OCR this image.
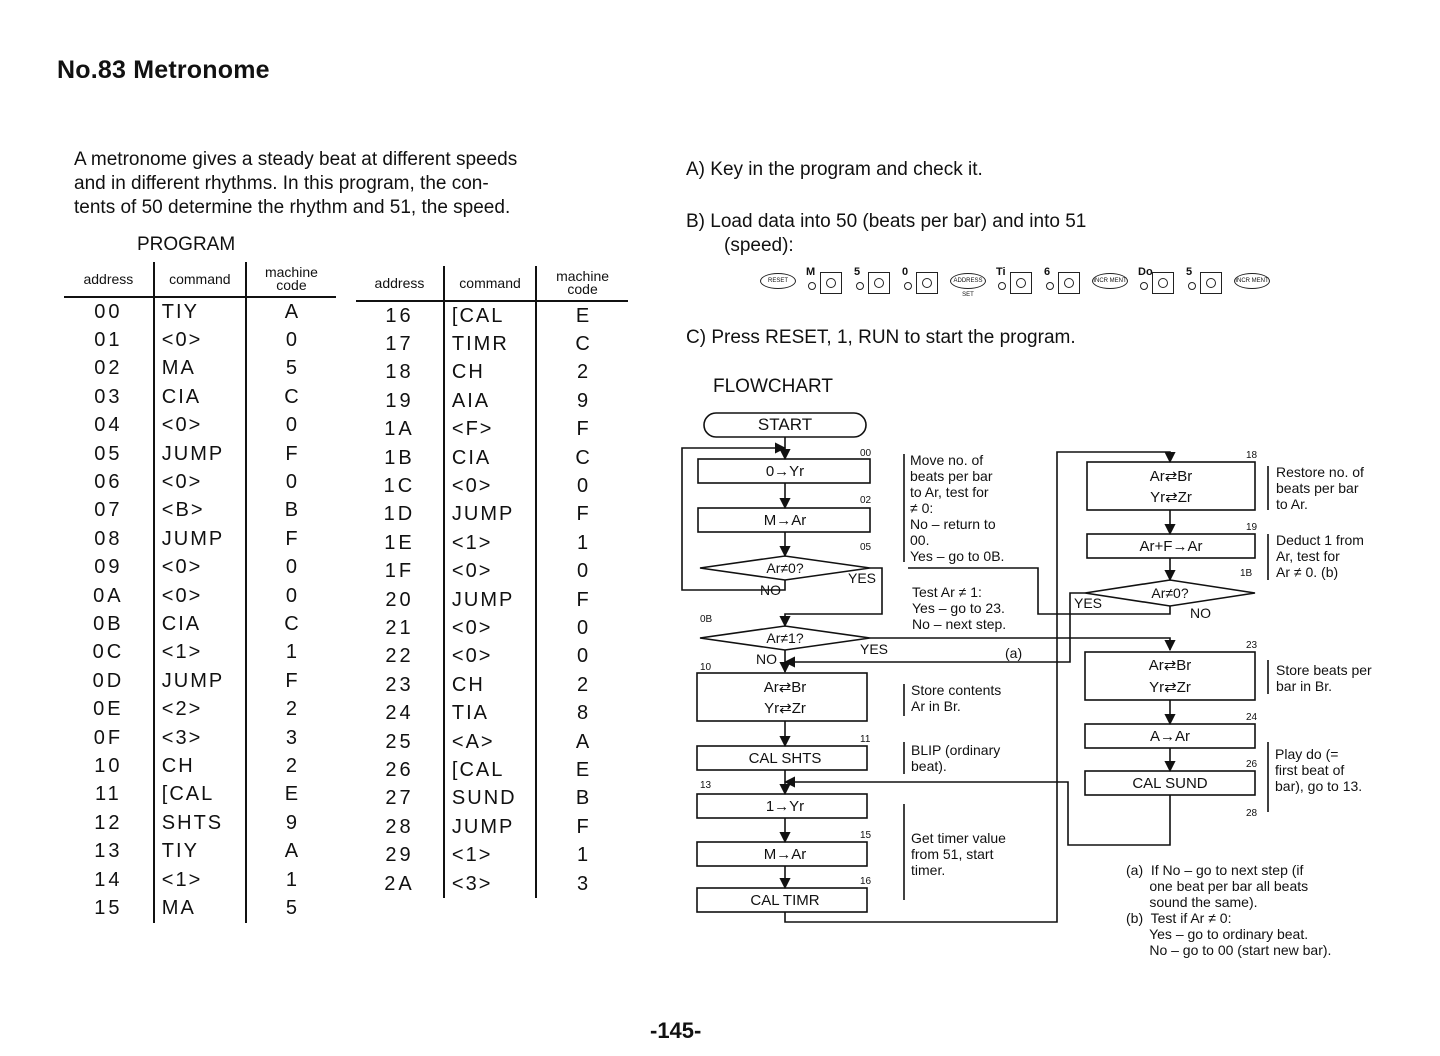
No.83 Metronome
A metronome gives a steady beat at different speeds
and in different rhythms. In this program, the con-
tents of 50 determine the rhythm and 51, the speed.
PROGRAM
address	command	machine
code
00	TIY	A
01	<0>	0
02	MA	5
03	CIA	C
04	<0>	0
05	JUMP	F
06	<0>	0
07	<B>	B
08	JUMP	F
09	<0>	0
0A	<0>	0
0B	CIA	C
0C	<1>	1
0D	JUMP	F
0E	<2>	2
0F	<3>	3
10	CH	2
11	[CAL	E
12	SHTS	9
13	TIY	A
14	<1>	1
15	MA	5
address	command	machine
code
16	[CAL	E
17	TIMR	C
18	CH	2
19	AIA	9
1A	<F>	F
1B	CIA	C
1C	<0>	0
1D	JUMP	F
1E	<1>	1
1F	<0>	0
20	JUMP	F
21	<0>	0
22	<0>	0
23	CH	2
24	TIA	8
25	<A>	A
26	[CAL	E
27	SUND	B
28	JUMP	F
29	<1>	1
2A	<3>	3
A) Key in the program and check it.
B) Load data into 50 (beats per bar) and into 51
(speed):
RESET
M	5	0
ADDRESS SET
Ti	6
INCR MENT
Do	5
INCR MENT
C) Press RESET, 1, RUN to start the program.
FLOWCHART
START
0→Yr
M→Ar
Ar≠0?
Ar≠1?
Ar⇄Br
Yr⇄Zr
CAL SHTS
1→Yr
M→Ar
CAL TIMR
Ar⇄Br
Yr⇄Zr
Ar+F→Ar
Ar≠0?
Ar⇄Br
Yr⇄Zr
A→Ar
CAL SUND
YES
NO
YES
NO	(a)
YES
NO
00
02
05
0B
10
11
13
15
16
18
19
1B
23
24
26
28
Move no. of
beats per bar
to Ar, test for
≠ 0:
No – return to
00.
Yes – go to 0B.
Test Ar ≠ 1:
Yes – go to 23.
No – next step.
Store contents
Ar in Br.
BLIP (ordinary
beat).
Get timer value
from 51, start
timer.
Restore no. of
beats per bar
to Ar.
Deduct 1 from
Ar, test for
Ar ≠ 0. (b)
Store beats per
bar in Br.
Play do (=
first beat of
bar), go to 13.
(a)  If No – go to next step (if
one beat per bar all beats
sound the same).
(b)  Test if Ar ≠ 0:
Yes – go to ordinary beat.
No – go to 00 (start new bar).
-145-
